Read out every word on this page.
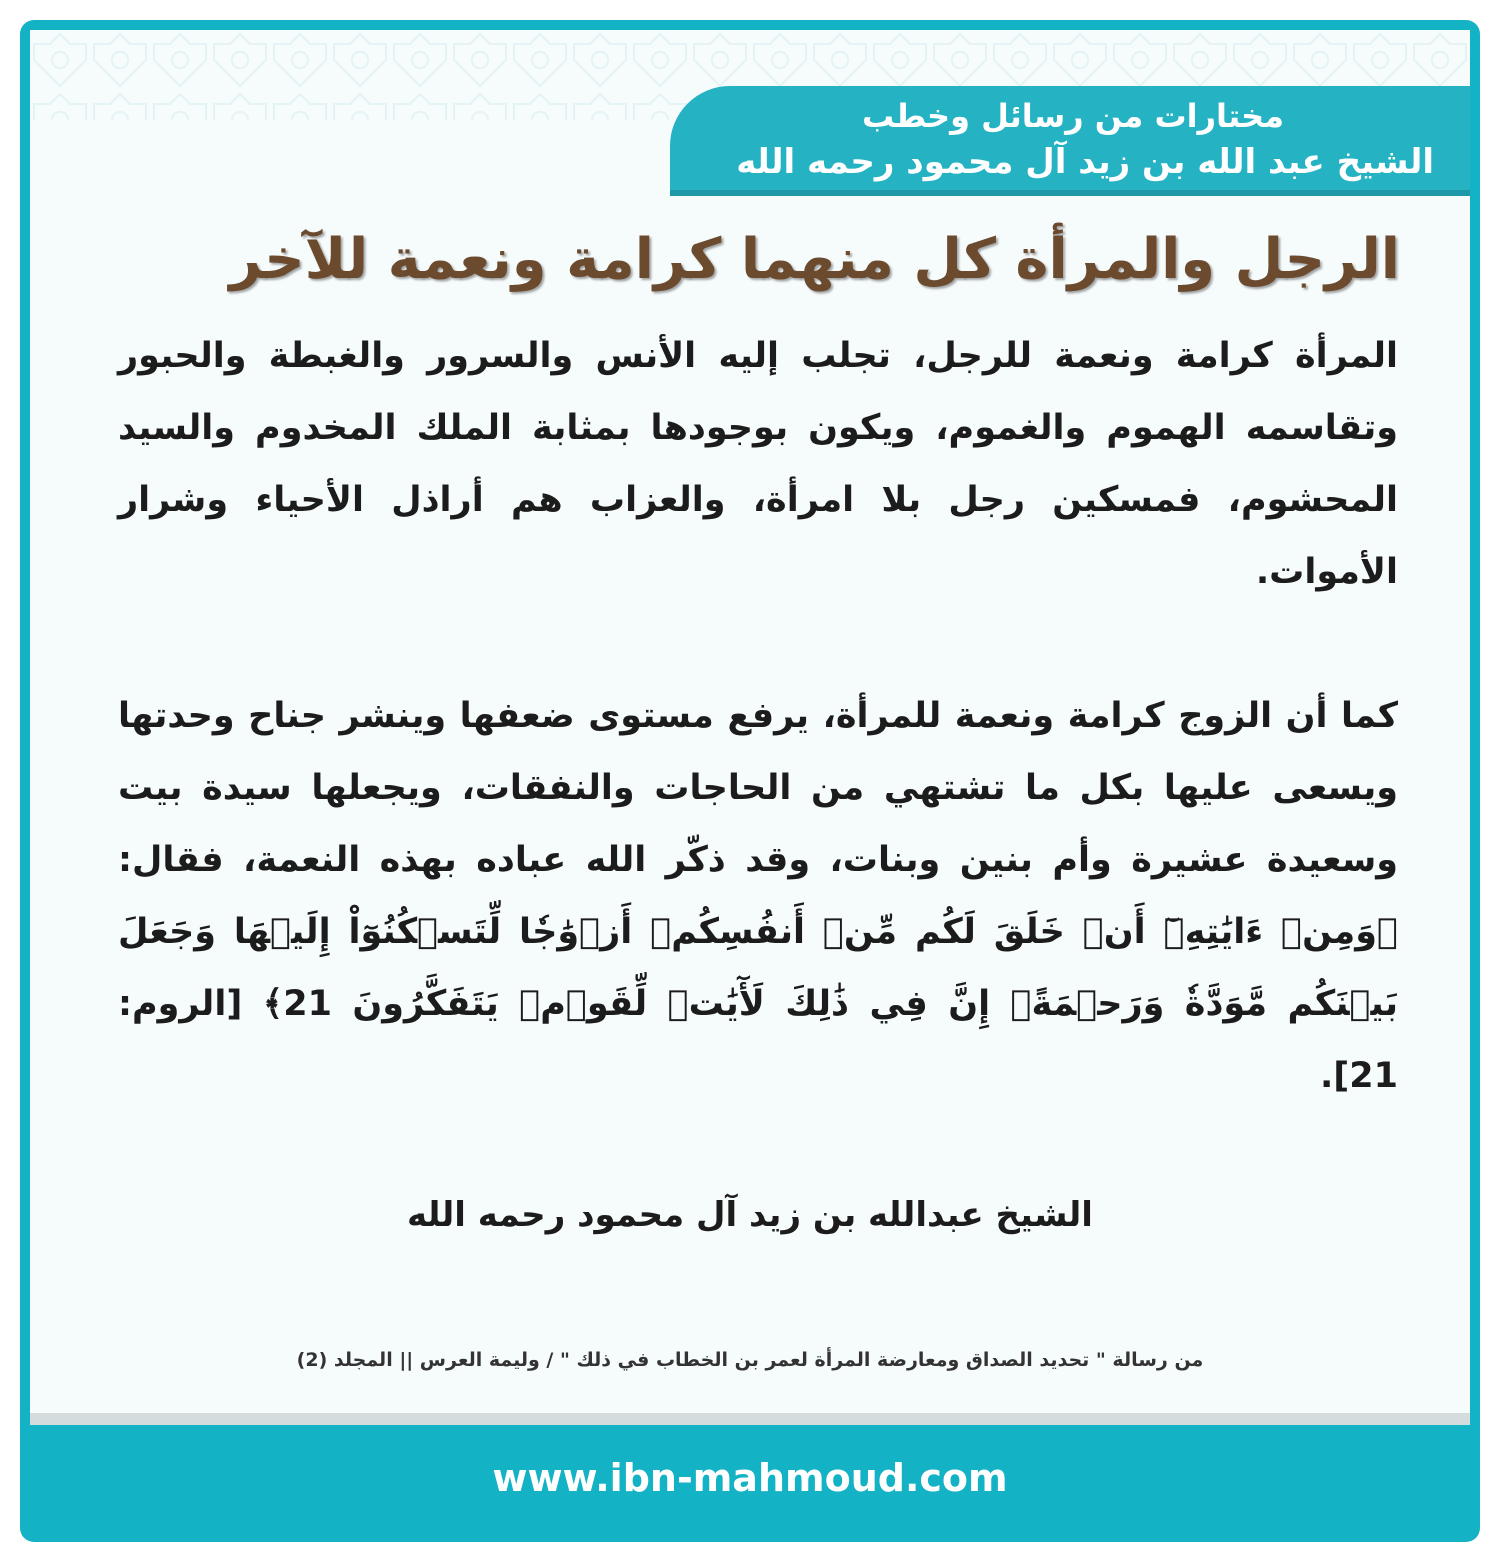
مختارات من رسائل وخطب
الشيخ عبد الله بن زيد آل محمود رحمه الله
الرجل والمرأة كل منهما كرامة ونعمة للآخر

المرأة كرامة ونعمة للرجل، تجلب إليه الأنس والسرور والغبطة والحبور وتقاسمه الهموم والغموم، ويكون بوجودها بمثابة الملك المخدوم والسيد المحشوم، فمسكين رجل بلا امرأة، والعزاب هم أراذل الأحياء وشرار الأموات.

كما أن الزوج كرامة ونعمة للمرأة، يرفع مستوى ضعفها وينشر جناح وحدتها ويسعى عليها بكل ما تشتهي من الحاجات والنفقات، ويجعلها سيدة بيت وسعيدة عشيرة وأم بنين وبنات، وقد ذكّر الله عباده بهذه النعمة، فقال: ﴿وَمِنۡ ءَايَٰتِهِۦٓ أَنۡ خَلَقَ لَكُم مِّنۡ أَنفُسِكُمۡ أَزۡوَٰجٗا لِّتَسۡكُنُوٓاْ إِلَيۡهَا وَجَعَلَ بَيۡنَكُم مَّوَدَّةٗ وَرَحۡمَةًۚ إِنَّ فِي ذَٰلِكَ لَأٓيَٰتٖ لِّقَوۡمٖ يَتَفَكَّرُونَ 21﴾ [الروم: 21].

الشيخ عبدالله بن زيد آل محمود رحمه الله
من رسالة " تحديد الصداق ومعارضة المرأة لعمر بن الخطاب في ذلك " / وليمة العرس || المجلد (2)
www.ibn-mahmoud.com
